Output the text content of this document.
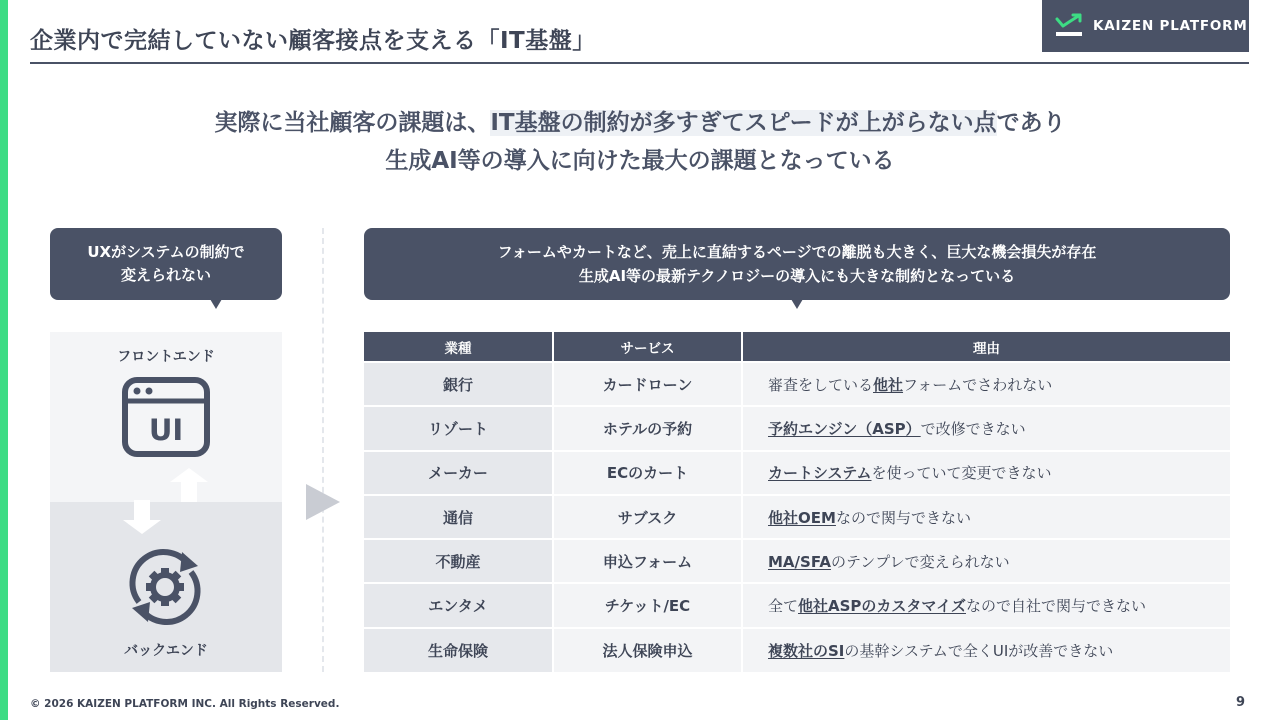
企業内で完結していない顧客接点を支える「IT基盤」
KAIZEN PLATFORM
実際に当社顧客の課題は、IT基盤の制約が多すぎてスピードが上がらない点であり
生成AI等の導入に向けた最大の課題となっている
UXがシステムの制約で
変えられない
フォームやカートなど、売上に直結するページでの離脱も大きく、巨大な機会損失が存在
生成AI等の最新テクノロジーの導入にも大きな制約となっている
フロントエンド
バックエンド
UI
業種	サービス	理由
銀行	カードローン	審査をしている他社フォームでさわれない
リゾート	ホテルの予約	予約エンジン（ASP）で改修できない
メーカー	ECのカート	カートシステムを使っていて変更できない
通信	サブスク	他社OEMなので関与できない
不動産	申込フォーム	MA/SFAのテンプレで変えられない
エンタメ	チケット/EC	全て他社ASPのカスタマイズなので自社で関与できない
生命保険	法人保険申込	複数社のSIの基幹システムで全くUIが改善できない
© 2026 KAIZEN PLATFORM INC. All Rights Reserved.	9
